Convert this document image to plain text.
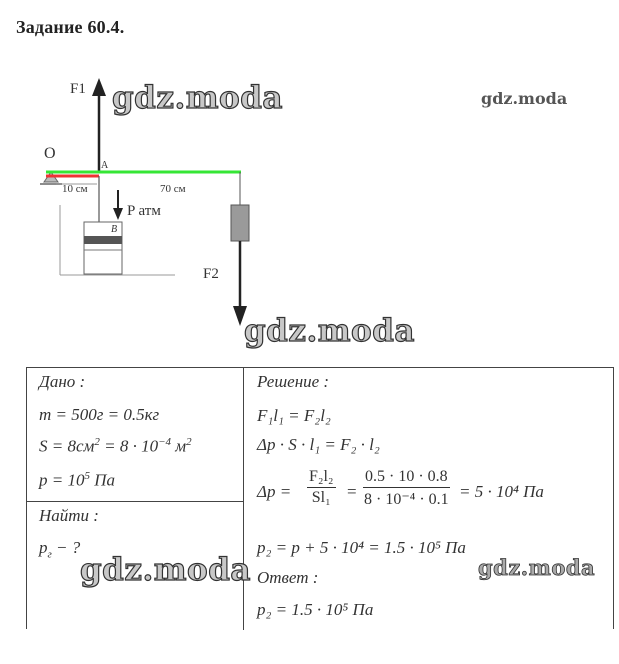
Задание 60.4.
F1
O
A
10 см	70 см
P атм
B
F2
gdz.moda	gdz.moda
gdz.moda
Дано :
m = 500г = 0.5кг
$S = 8см^2 = 8 \cdot 10^{-4}$ $м^2$
$p = 10^5$ Па
Найти :
$p_г$ − ?
Решение :
F₁l₁ = F₂l₂
Δp · S · l₁ = F₂ · l₂
$\Delta p = \frac{\text{F₂l₂}}{\text{Sl₁}} = \frac{0.5 \cdot 10 \cdot 0.8}{\text{8 · 10⁻⁴ · 0.1}} = 5 \cdot 10^4$ Па
p₂ = p + 5 · 10⁴ = 1.5 · 10⁵ Па
Ответ :
p₂ = 1.5 · 10⁵ Па
gdz.moda	gdz.moda
